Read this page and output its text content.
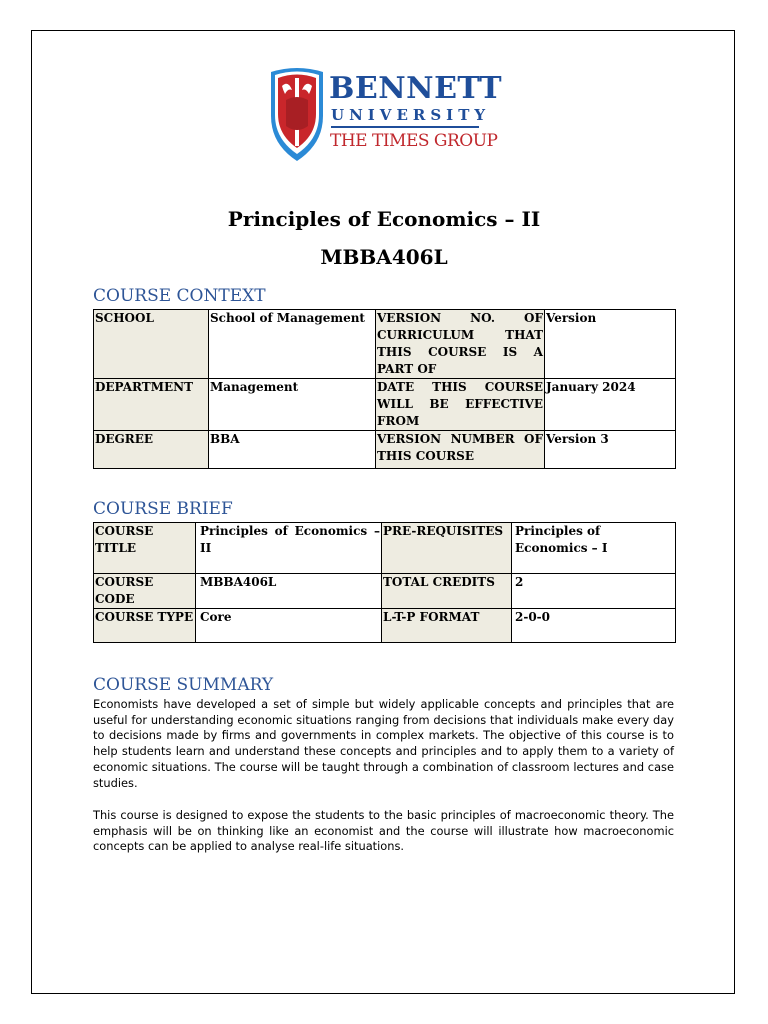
BENNETT
UNIVERSITY
THE TIMES GROUP
Principles of Economics – II
MBBA406L
COURSE CONTEXT
SCHOOL	School of Management	VERSION NO. OF CURRICULUM THAT THIS COURSE IS A PART OF	Version
DEPARTMENT	Management	DATE THIS COURSE WILL BE EFFECTIVE FROM	January 2024
DEGREE	BBA	VERSION NUMBER OF THIS COURSE	Version 3
COURSE BRIEF
COURSE TITLE	Principles of Economics – II	PRE-REQUISITES	Principles of Economics – I
COURSE CODE	MBBA406L	TOTAL CREDITS	2
COURSE TYPE	Core	L-T-P FORMAT	2-0-0
COURSE SUMMARY

Economists have developed a set of simple but widely applicable concepts and principles that are useful for understanding economic situations ranging from decisions that individuals make every day to decisions made by firms and governments in complex markets. The objective of this course is to help students learn and understand these concepts and principles and to apply them to a variety of economic situations. The course will be taught through a combination of classroom lectures and case studies.

This course is designed to expose the students to the basic principles of macroeconomic theory. The emphasis will be on thinking like an economist and the course will illustrate how macroeconomic concepts can be applied to analyse real-life situations.
